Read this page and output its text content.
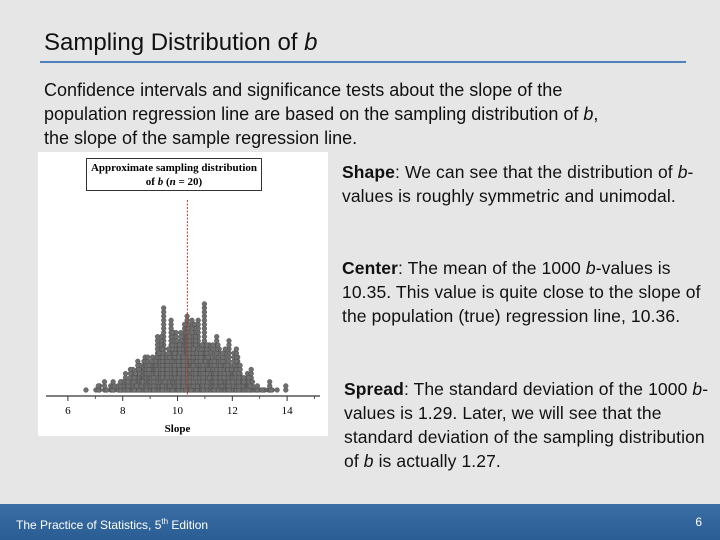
Sampling Distribution of b
Confidence intervals and significance tests about the slope of the
population regression line are based on the sampling distribution of b,
the slope of the sample regression line.
6	8	10	12	14
Slope
Approximate sampling distribution
of b (n = 20)	Shape: We can see that the distribution of b-values is roughly symmetric and unimodal.
Center: The mean of the 1000 b-values is 10.35. This value is quite close to the slope of the population (true) regression line, 10.36.
Spread: The standard deviation of the 1000 b-values is 1.29. Later, we will see that the standard deviation of the sampling distribution of b is actually 1.27.
The Practice of Statistics, 5th Edition	6
